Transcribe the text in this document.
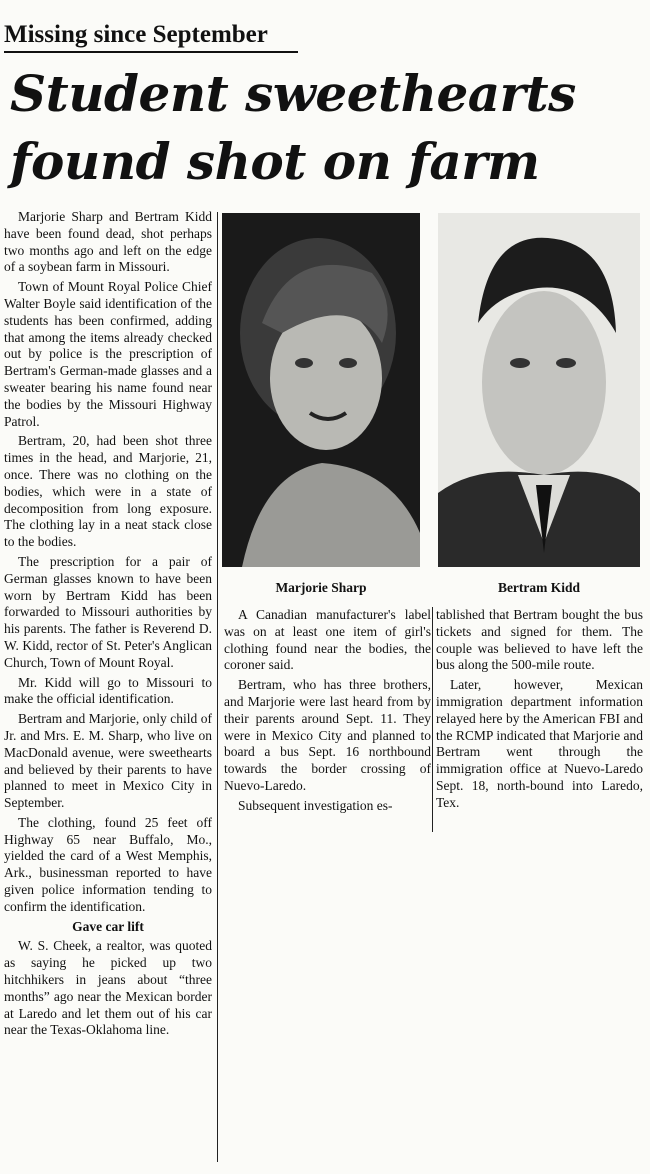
Missing since September
Student sweethearts found shot on farm

Marjorie Sharp and Bertram Kidd have been found dead, shot perhaps two months ago and left on the edge of a soybean farm in Missouri.

Town of Mount Royal Police Chief Walter Boyle said identification of the students has been confirmed, adding that among the items already checked out by police is the prescription of Bertram's German-made glasses and a sweater bearing his name found near the bodies by the Missouri Highway Patrol.

Bertram, 20, had been shot three times in the head, and Marjorie, 21, once. There was no clothing on the bodies, which were in a state of decomposition from long exposure. The clothing lay in a neat stack close to the bodies.

The prescription for a pair of German glasses known to have been worn by Bertram Kidd has been forwarded to Missouri authorities by his parents. The father is Reverend D. W. Kidd, rector of St. Peter's Anglican Church, Town of Mount Royal.

Mr. Kidd will go to Missouri to make the official identification.

Bertram and Marjorie, only child of Jr. and Mrs. E. M. Sharp, who live on MacDonald avenue, were sweethearts and believed by their parents to have planned to meet in Mexico City in September.

The clothing, found 25 feet off Highway 65 near Buffalo, Mo., yielded the card of a West Memphis, Ark., businessman reported to have given police information tending to confirm the identification.

Gave car lift

W. S. Cheek, a realtor, was quoted as saying he picked up two hitchhikers in jeans about “three months” ago near the Mexican border at Laredo and let them out of his car near the Texas-Oklahoma line.

Marjorie Sharp	Bertram Kidd

A Canadian manufacturer's label was on at least one item of girl's clothing found near the bodies, the coroner said.

Bertram, who has three brothers, and Marjorie were last heard from by their parents around Sept. 11. They were in Mexico City and planned to board a bus Sept. 16 northbound towards the border crossing of Nuevo-Laredo.

Subsequent investigation es-

tablished that Bertram bought the bus tickets and signed for them. The couple was believed to have left the bus along the 500-mile route.

Later, however, Mexican immigration department information relayed here by the American FBI and the RCMP indicated that Marjorie and Bertram went through the immigration office at Nuevo-Laredo Sept. 18, north-bound into Laredo, Tex.
